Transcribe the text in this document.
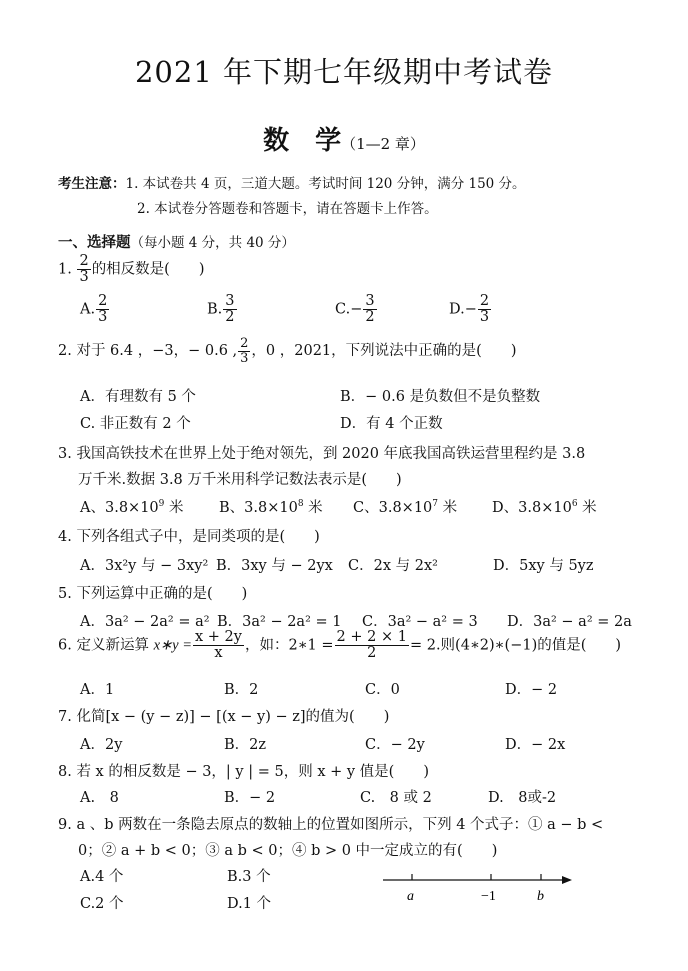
2021 年下期七年级期中考试卷
数　学（1—2 章）
考生注意：1. 本试卷共 4 页，三道大题。考试时间 120 分钟，满分 150 分。
2. 本试卷分答题卷和答题卡，请在答题卡上作答。
一、选择题（每小题 4 分，共 40 分）
1. $\frac{2}{3}$ 的相反数是(　　)
A. $\frac{2}{3}$	B. $\frac{3}{2}$	$C.- \frac{3}{2}$	$D.- \frac{2}{3}$
2. 对于 6.4 ，−3，− 0.6 , $\frac{2}{3}$ ，0 ，2021，下列说法中正确的是(　　)
A．有理数有 5 个	B．− 0.6 是负数但不是负整数
C. 非正数有 2 个	D．有 4 个正数
3. 我国高铁技术在世界上处于绝对领先，到 2020 年底我国高铁运营里程约是 3.8
万千米.数据 3.8 万千米用科学记数法表示是(　　)
A、$3.8\times 10^9$ 米 B、$3.8\times 10^8$ 米 C、$3.8\times 10^7$ 米 D、$3.8\times 10^6$ 米
4. 下列各组式子中，是同类项的是(　　)
A．3x²y 与 − 3xy² B．3xy 与 − 2yx C．2x 与 2x²	D．5xy 与 5yz
5. 下列运算中正确的是(　　)
A．3a² − 2a² = a² B．3a² − 2a² = 1 C．3a² − a² = 3 D．3a² − a² = 2a
6. 定义新运算 x∗y = $\frac{x + 2y}{x}$ ，如：2∗1 = $\frac{2 + 2 \times 1}{2} = 2$.则(4∗2)∗(−1)的值是(　　)
A．1	B．2	C．0	D．− 2
7. 化简[x − (y − z)] − [(x − y) − z]的值为(　　)
A．2y	B．2z	C．− 2y	D．− 2x
8. 若 x 的相反数是 − 3，| y | = 5，则 x + y 值是(　　)
A.　8	B．− 2	C.　8 或 2	D.　8或-2
9. a 、b 两数在一条隐去原点的数轴上的位置如图所示，下列 4 个式子：① a − b <
0；② a + b < 0；③ a b < 0；④ b > 0 中一定成立的有(　　)
A.4 个	B.3 个
C.2 个	D.1 个	a	−1	b
